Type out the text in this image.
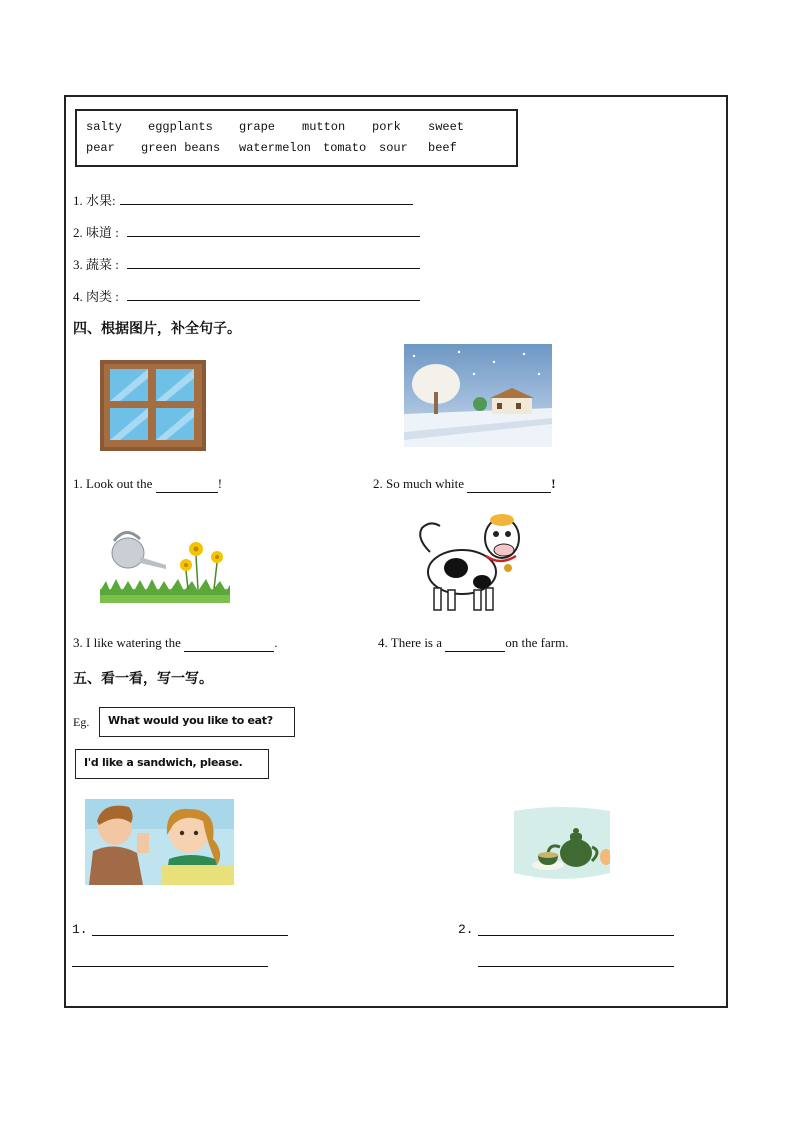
salty eggplants grape mutton pork sweet
pear green beans watermelon tomato sour beef
1. 水果:
2. 味道 :
3. 蔬菜 :
4. 肉类 :
四、根据图片，补全句子。
1. Look out the	!	2. So much white	!
3. I like watering the	.	4. There is a	on the farm.
五、看一看，写一写。
Eg.	What would you like to eat?
I'd like a sandwich, please.
1.	2.
